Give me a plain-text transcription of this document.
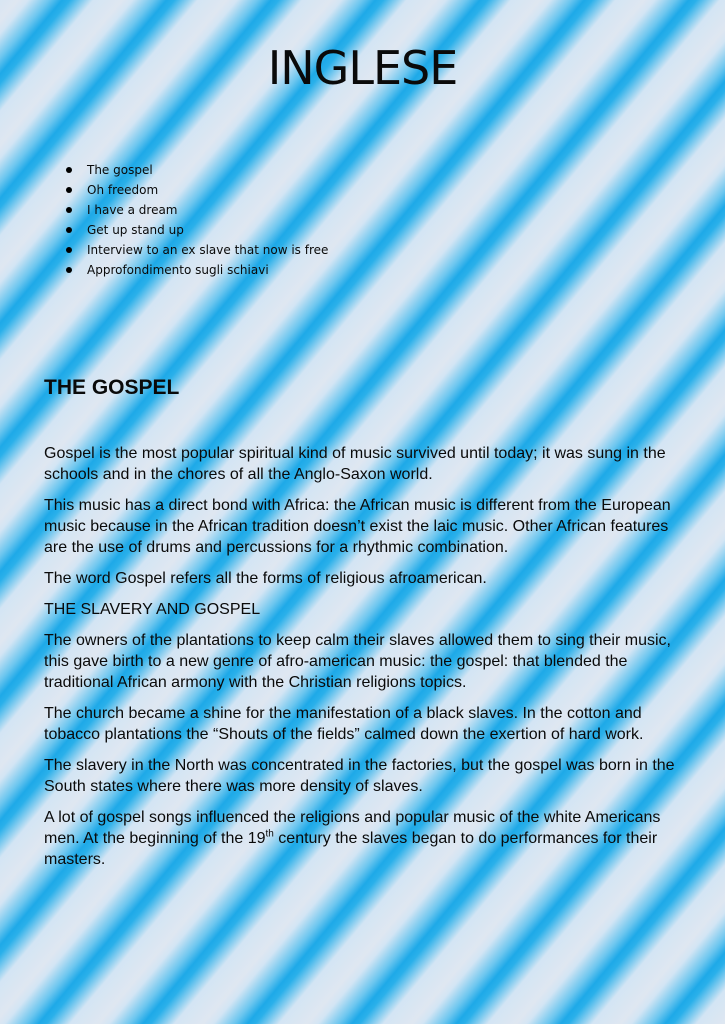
INGLESE
The gospel
Oh freedom
I have a dream
Get up stand up
Interview to an ex slave that now is free
Approfondimento sugli schiavi
THE GOSPEL

Gospel is the most popular spiritual kind of music survived until today; it was sung in the schools and in the chores of all the Anglo-Saxon world.

This music has a direct bond with Africa: the African music is different from the European music because in the African tradition doesn’t exist the laic music. Other African features are the use of drums and percussions for a rhythmic combination.

The word Gospel refers all the forms of religious afroamerican.

THE SLAVERY AND GOSPEL

The owners of the plantations to keep calm their slaves allowed them to sing their music, this gave birth to a new genre of afro-american music: the gospel: that blended the traditional African armony with the Christian religions topics.

The church became a shine for the manifestation of a black slaves. In the cotton and tobacco plantations the “Shouts of the fields” calmed down the exertion of hard work.

The slavery in the North was concentrated in the factories, but the gospel was born in the South states where there was more density of slaves.

A lot of gospel songs influenced the religions and popular music of the white Americans men. At the beginning of the 19th century the slaves began to do performances for their masters.
